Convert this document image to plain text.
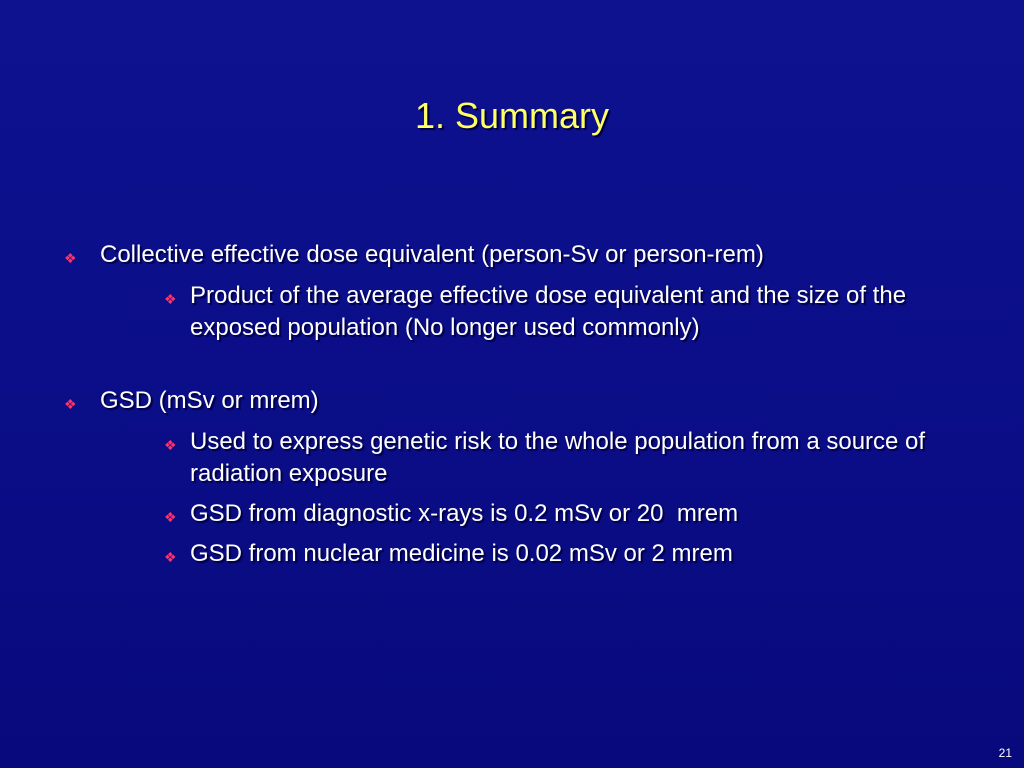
1. Summary
❖ Collective effective dose equivalent (person-Sv or person-rem)
❖ Product of the average effective dose equivalent and the size of the exposed population (No longer used commonly)
❖ GSD (mSv or mrem)
❖ Used to express genetic risk to the whole population from a source of radiation exposure
❖ GSD from diagnostic x-rays is 0.2 mSv or 20  mrem
❖ GSD from nuclear medicine is 0.02 mSv or 2 mrem
21
